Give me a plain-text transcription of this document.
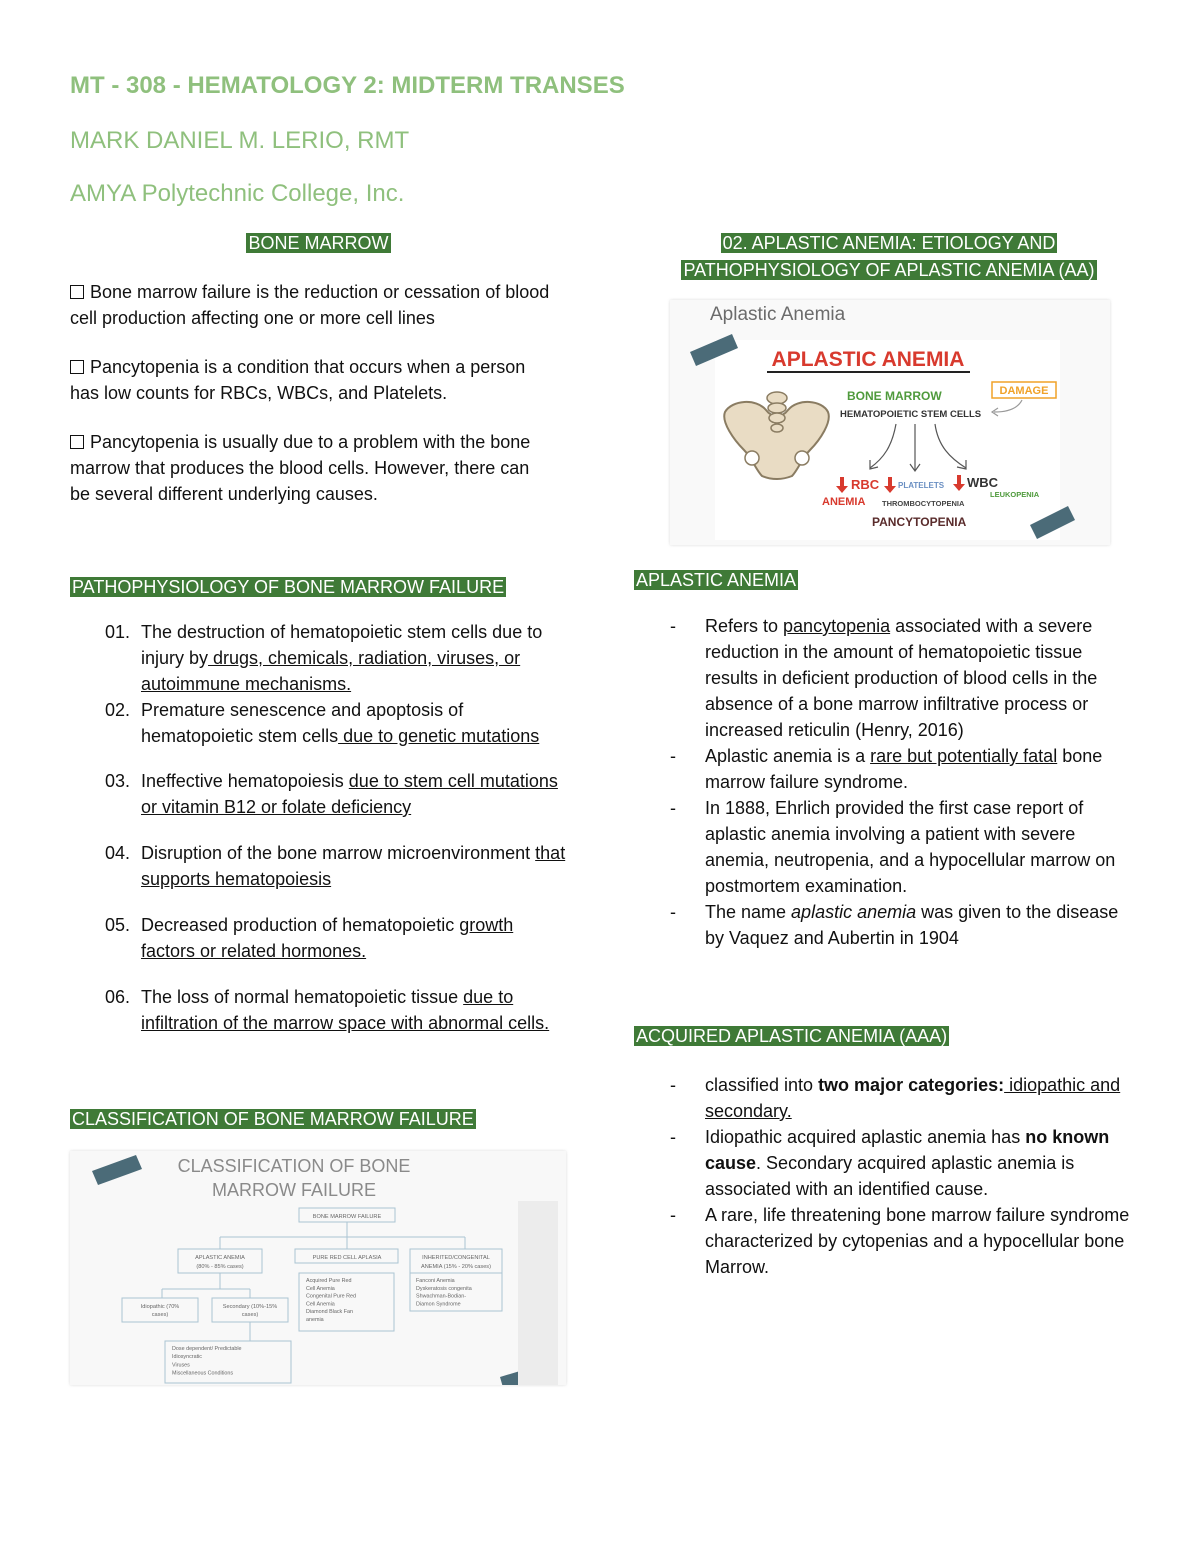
MT - 308 - HEMATOLOGY 2: MIDTERM TRANSES
MARK DANIEL M. LERIO, RMT
AMYA Polytechnic College, Inc.
BONE MARROW

Bone marrow failure is the reduction or cessation of blood cell production affecting one or more cell lines

Pancytopenia is a condition that occurs when a person has low counts for RBCs, WBCs, and Platelets.

Pancytopenia is usually due to a problem with the bone marrow that produces the blood cells. However, there can be several different underlying causes.

PATHOPHYSIOLOGY OF BONE MARROW FAILURE
01. The destruction of hematopoietic stem cells due to injury by drugs, chemicals, radiation, viruses, or autoimmune mechanisms.
02. Premature senescence and apoptosis of hematopoietic stem cells due to genetic mutations
03. Ineffective hematopoiesis due to stem cell mutations or vitamin B12 or folate deficiency
04. Disruption of the bone marrow microenvironment that supports hematopoiesis
05. Decreased production of hematopoietic growth factors or related hormones.
06. The loss of normal hematopoietic tissue due to infiltration of the marrow space with abnormal cells.
CLASSIFICATION OF BONE MARROW FAILURE
CLASSIFICATION OF BONE
MARROW FAILURE
BONE MARROW FAILURE
APLASTIC ANEMIA
(80% - 85% cases)
PURE RED CELL APLASIA	INHERITED/CONGENITAL
ANEMIA (15% - 20% cases)
Idiopathic (70%
cases)
Secondary (10%-15%
cases)
Acquired Pure Red
Cell Anemia
Congenital Pure Red
Cell Anemia
Diamond Black Fan
anemia
Fanconi Anemia
Dyskeratosis congenita
Shwachman-Bodian-
Diamon Syndrome
Dose dependent/ Predictable
Idiosyncratic
Viruses
Miscellaneous Conditions
02. APLASTIC ANEMIA: ETIOLOGY AND
PATHOPHYSIOLOGY OF APLASTIC ANEMIA (AA)
Aplastic Anemia
APLASTIC ANEMIA
BONE MARROW	DAMAGE
HEMATOPOIETIC STEM CELLS
RBC PLATELETS WBC
ANEMIA THROMBOCYTOPENIA
LEUKOPENIA
PANCYTOPENIA
APLASTIC ANEMIA
- Refers to pancytopenia associated with a severe reduction in the amount of hematopoietic tissue results in deficient production of blood cells in the absence of a bone marrow infiltrative process or increased reticulin (Henry, 2016)
- Aplastic anemia is a rare but potentially fatal bone marrow failure syndrome.
- In 1888, Ehrlich provided the first case report of aplastic anemia involving a patient with severe anemia, neutropenia, and a hypocellular marrow on postmortem examination.
- The name aplastic anemia was given to the disease by Vaquez and Aubertin in 1904
ACQUIRED APLASTIC ANEMIA (AAA)
- classified into two major categories: idiopathic and secondary.
- Idiopathic acquired aplastic anemia has no known cause. Secondary acquired aplastic anemia is associated with an identified cause.
- A rare, life threatening bone marrow failure syndrome characterized by cytopenias and a hypocellular bone Marrow.
